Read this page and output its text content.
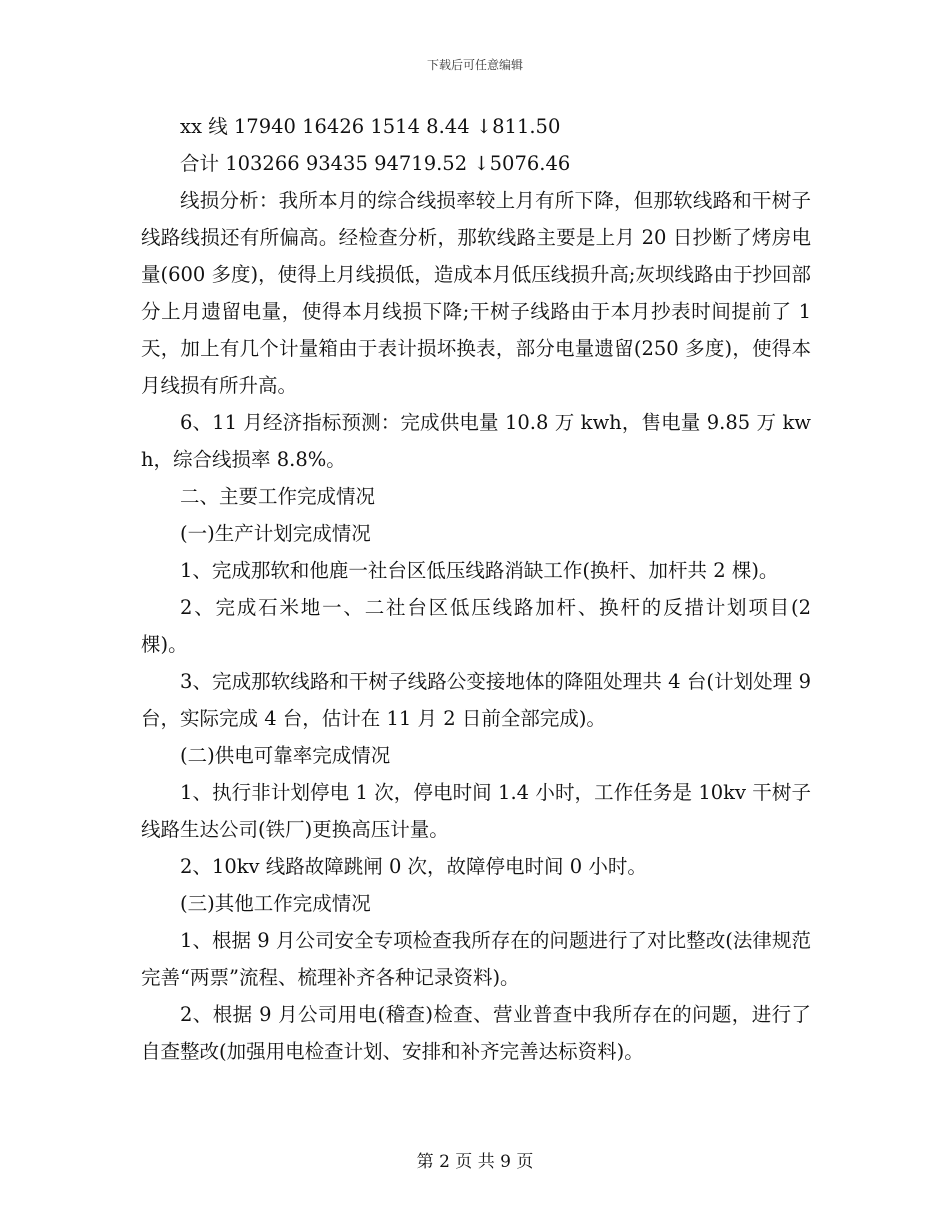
下载后可任意编辑

xx 线 17940 16426 1514 8.44 ↓811.50

合计 103266 93435 94719.52 ↓5076.46

线损分析：我所本月的综合线损率较上月有所下降，但那软线路和干树子线路线损还有所偏高。经检查分析，那软线路主要是上月 20 日抄断了烤房电量(600 多度)，使得上月线损低，造成本月低压线损升高;灰坝线路由于抄回部分上月遗留电量，使得本月线损下降;干树子线路由于本月抄表时间提前了 1 天，加上有几个计量箱由于表计损坏换表，部分电量遗留(250 多度)，使得本月线损有所升高。

6、11 月经济指标预测：完成供电量 10.8 万 kwh，售电量 9.85 万 kwh，综合线损率 8.8%。

二、主要工作完成情况

(一)生产计划完成情况

1、完成那软和他鹿一社台区低压线路消缺工作(换杆、加杆共 2 棵)。

2、完成石米地一、二社台区低压线路加杆、换杆的反措计划项目(2 棵)。

3、完成那软线路和干树子线路公变接地体的降阻处理共 4 台(计划处理 9 台，实际完成 4 台，估计在 11 月 2 日前全部完成)。

(二)供电可靠率完成情况

1、执行非计划停电 1 次，停电时间 1.4 小时，工作任务是 10kv 干树子线路生达公司(铁厂)更换高压计量。

2、10kv 线路故障跳闸 0 次，故障停电时间 0 小时。

(三)其他工作完成情况

1、根据 9 月公司安全专项检查我所存在的问题进行了对比整改(法律规范完善“两票”流程、梳理补齐各种记录资料)。

2、根据 9 月公司用电(稽查)检查、营业普查中我所存在的问题，进行了自查整改(加强用电检查计划、安排和补齐完善达标资料)。

第 2 页 共 9 页
